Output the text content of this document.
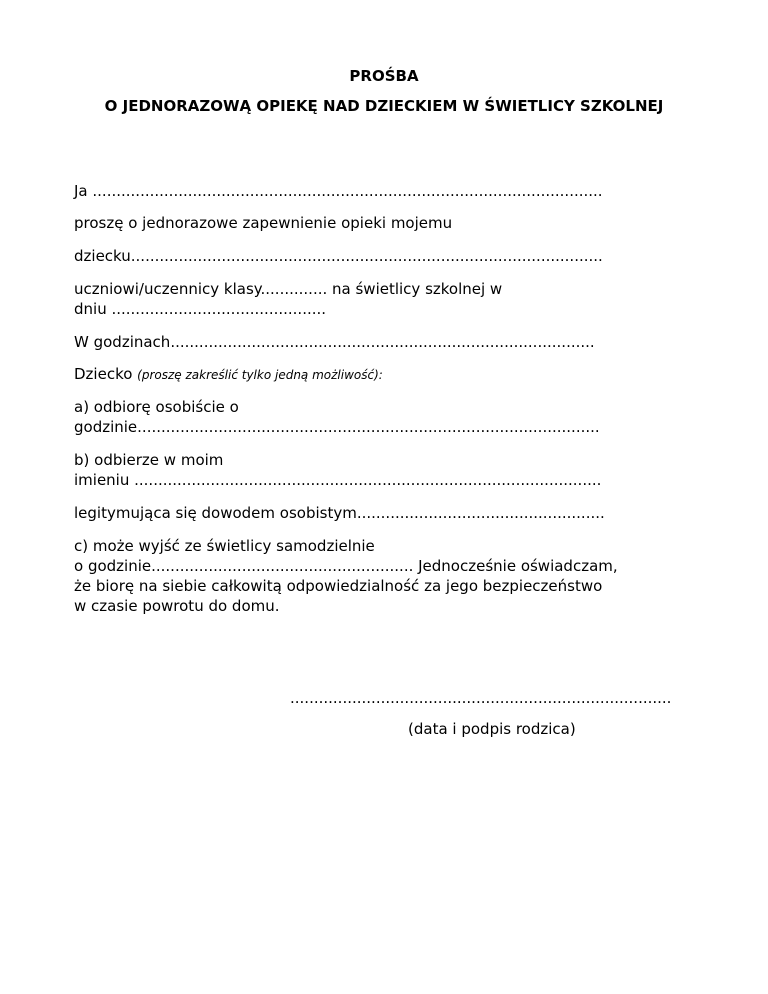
PROŚBA
O JEDNORAZOWĄ OPIEKĘ NAD DZIECKIEM W ŚWIETLICY SZKOLNEJ
Ja ...........................................................................................................
proszę o jednorazowe zapewnienie opieki mojemu
dziecku...................................................................................................
uczniowi/uczennicy klasy.............. na świetlicy szkolnej w
dniu .............................................
W godzinach.........................................................................................
Dziecko (proszę zakreślić tylko jedną możliwość):
a) odbiorę osobiście o
godzinie.................................................................................................
b) odbierze w moim
imieniu ..................................................................................................
legitymująca się dowodem osobistym....................................................
c) może wyjść ze świetlicy samodzielnie
o godzinie....................................................... Jednocześnie oświadczam,
że biorę na siebie całkowitą odpowiedzialność za jego bezpieczeństwo
w czasie powrotu do domu.
................................................................................
(data i podpis rodzica)
